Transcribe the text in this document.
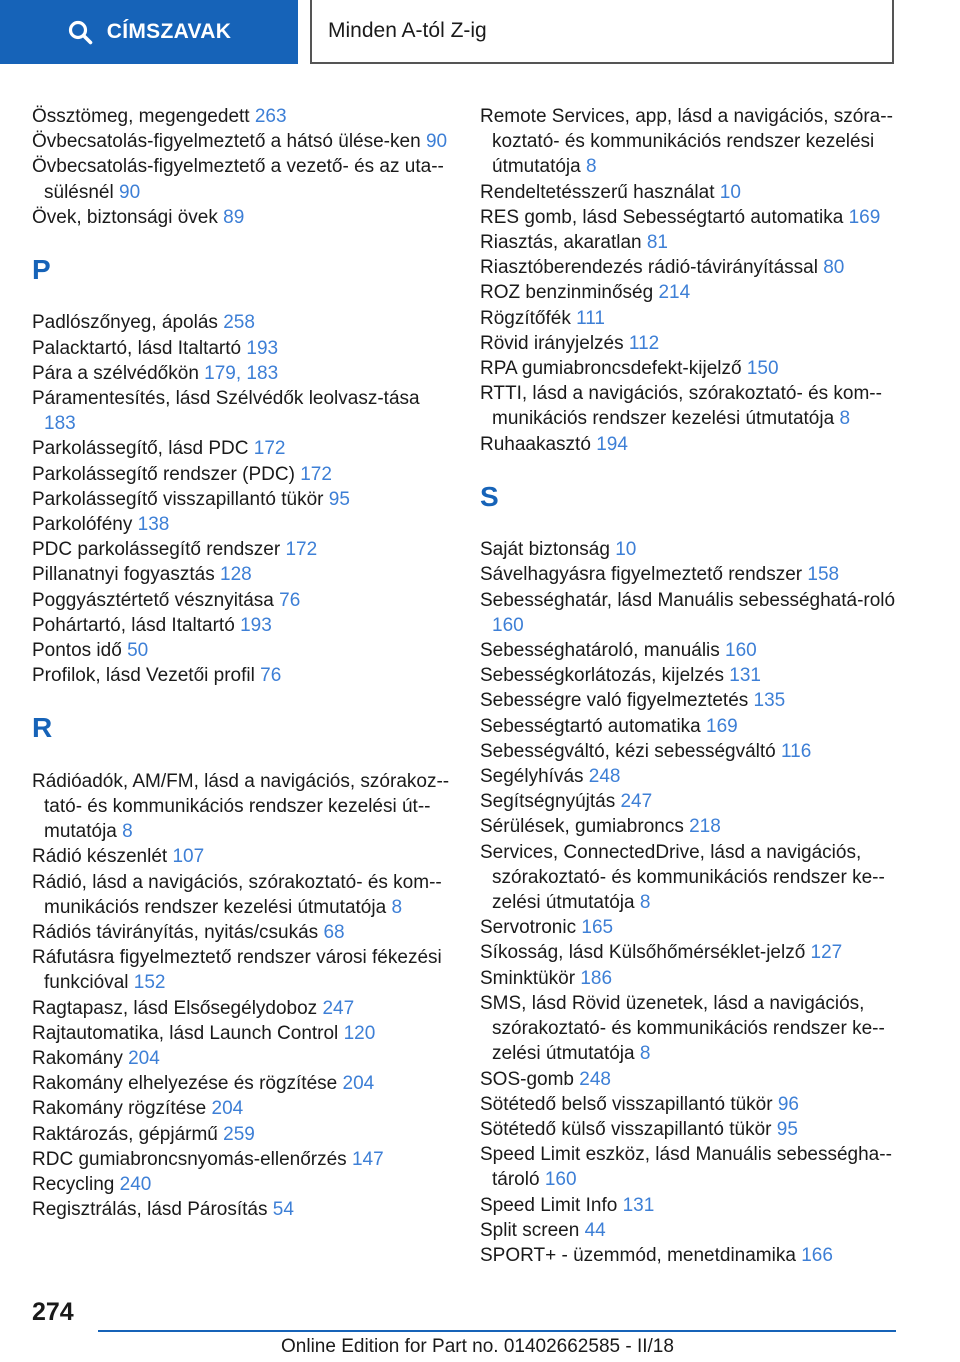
CÍMSZAVAK	Minden A-tól Z-ig
Össztömeg, megengedett 263
Övbecsatolás-figyelmeztető a hátsó ülése-ken 90
Övbecsatolás-figyelmeztető a vezető- és az uta-sülésnél 90
Övek, biztonsági övek 89
P
Padlószőnyeg, ápolás 258
Palacktartó, lásd Italtartó 193
Pára a szélvédőkön 179, 183
Páramentesítés, lásd Szélvédők leolvasz-tása 183
Parkolássegítő, lásd PDC 172
Parkolássegítő rendszer (PDC) 172
Parkolássegítő visszapillantó tükör 95
Parkolófény 138
PDC parkolássegítő rendszer 172
Pillanatnyi fogyasztás 128
Poggyásztértető vésznyitása 76
Pohártartó, lásd Italtartó 193
Pontos idő 50
Profilok, lásd Vezetői profil 76
R
Rádióadók, AM/FM, lásd a navigációs, szórakoz-tató- és kommunikációs rendszer kezelési út-mutatója 8
Rádió készenlét 107
Rádió, lásd a navigációs, szórakoztató- és kom-munikációs rendszer kezelési útmutatója 8
Rádiós távirányítás, nyitás/csukás 68
Ráfutásra figyelmeztető rendszer városi fékezési funkcióval 152
Ragtapasz, lásd Elsősegélydoboz 247
Rajtautomatika, lásd Launch Control 120
Rakomány 204
Rakomány elhelyezése és rögzítése 204
Rakomány rögzítése 204
Raktározás, gépjármű 259
RDC gumiabroncsnyomás-ellenőrzés 147
Recycling 240
Regisztrálás, lásd Párosítás 54
Remote Services, app, lásd a navigációs, szóra-koztató- és kommunikációs rendszer kezelési útmutatója 8
Rendeltetésszerű használat 10
RES gomb, lásd Sebességtartó automatika 169
Riasztás, akaratlan 81
Riasztóberendezés rádió-távirányítással 80
ROZ benzinminőség 214
Rögzítőfék 111
Rövid irányjelzés 112
RPA gumiabroncsdefekt-kijelző 150
RTTI, lásd a navigációs, szórakoztató- és kom-munikációs rendszer kezelési útmutatója 8
Ruhaakasztó 194
S
Saját biztonság 10
Sávelhagyásra figyelmeztető rendszer 158
Sebességhatár, lásd Manuális sebességhatá-roló 160
Sebességhatároló, manuális 160
Sebességkorlátozás, kijelzés 131
Sebességre való figyelmeztetés 135
Sebességtartó automatika 169
Sebességváltó, kézi sebességváltó 116
Segélyhívás 248
Segítségnyújtás 247
Sérülések, gumiabroncs 218
Services, ConnectedDrive, lásd a navigációs, szórakoztató- és kommunikációs rendszer ke-zelési útmutatója 8
Servotronic 165
Síkosság, lásd Külsőhőmérséklet-jelző 127
Sminktükör 186
SMS, lásd Rövid üzenetek, lásd a navigációs, szórakoztató- és kommunikációs rendszer ke-zelési útmutatója 8
SOS-gomb 248
Sötétedő belső visszapillantó tükör 96
Sötétedő külső visszapillantó tükör 95
Speed Limit eszköz, lásd Manuális sebességha-tároló 160
Speed Limit Info 131
Split screen 44
SPORT+ - üzemmód, menetdinamika 166
274
Online Edition for Part no. 01402662585 - II/18
